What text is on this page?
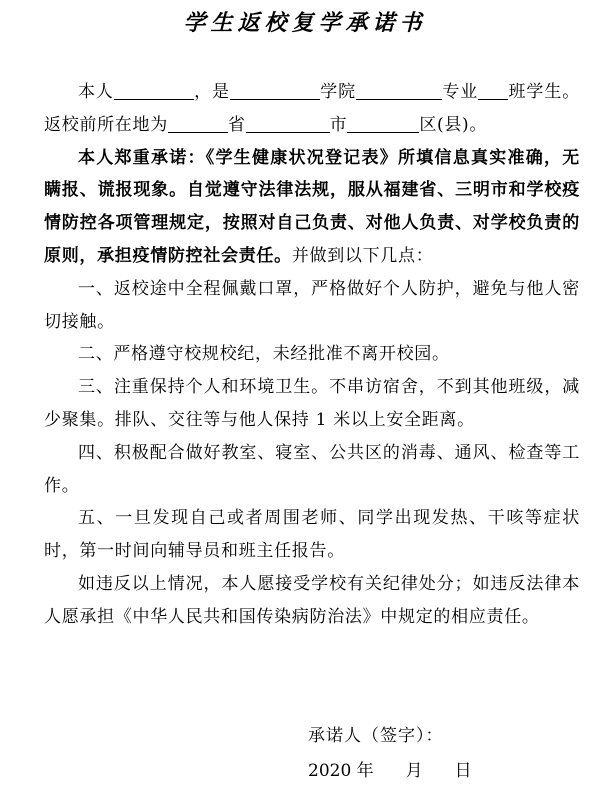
学生返校复学承诺书

本人	，是	学院	专业 班学生。返校前所在地为	省	市	区(县)。

本人郑重承诺：《学生健康状况登记表》所填信息真实准确，无瞒报、谎报现象。自觉遵守法律法规，服从福建省、三明市和学校疫情防控各项管理规定，按照对自己负责、对他人负责、对学校负责的原则，承担疫情防控社会责任。并做到以下几点：

一、返校途中全程佩戴口罩，严格做好个人防护，避免与他人密切接触。

二、严格遵守校规校纪，未经批准不离开校园。

三、注重保持个人和环境卫生。不串访宿舍，不到其他班级，减少聚集。排队、交往等与他人保持 1 米以上安全距离。

四、积极配合做好教室、寝室、公共区的消毒、通风、检查等工作。

五、一旦发现自己或者周围老师、同学出现发热、干咳等症状时，第一时间向辅导员和班主任报告。

如违反以上情况，本人愿接受学校有关纪律处分；如违反法律本人愿承担《中华人民共和国传染病防治法》中规定的相应责任。

承诺人（签字）：
2020 年 月 日
